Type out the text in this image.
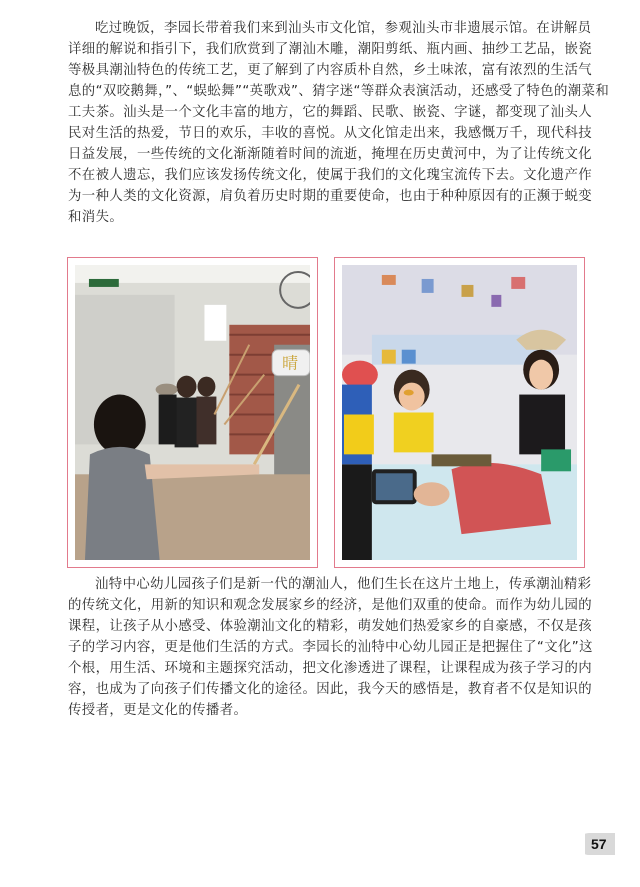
吃过晚饭，李园长带着我们来到汕头市文化馆，参观汕头市非遗展示馆。在讲解员
详细的解说和指引下，我们欣赏到了潮汕木雕，潮阳剪纸、瓶内画、抽纱工艺品，嵌瓷
等极具潮汕特色的传统工艺，更了解到了内容质朴自然，乡土味浓，富有浓烈的生活气
息的“双咬鹅舞，”、“蜈蚣舞”“英歌戏”、猜字迷“等群众表演活动，还感受了特色的潮菜和
工夫茶。汕头是一个文化丰富的地方，它的舞蹈、民歌、嵌瓷、字谜，都变现了汕头人
民对生活的热爱，节日的欢乐，丰收的喜悦。从文化馆走出来，我感慨万千，现代科技
日益发展，一些传统的文化渐渐随着时间的流逝，掩埋在历史黄河中，为了让传统文化
不在被人遗忘，我们应该发扬传统文化，使属于我们的文化瑰宝流传下去。文化遗产作
为一种人类的文化资源，肩负着历史时期的重要使命，也由于种种原因有的正濒于蜕变
和消失。
晴
汕特中心幼儿园孩子们是新一代的潮汕人，他们生长在这片土地上，传承潮汕精彩
的传统文化，用新的知识和观念发展家乡的经济，是他们双重的使命。而作为幼儿园的
课程，让孩子从小感受、体验潮汕文化的精彩，萌发她们热爱家乡的自豪感，不仅是孩
子的学习内容，更是他们生活的方式。李园长的汕特中心幼儿园正是把握住了“文化”这
个根，用生活、环境和主题探究活动，把文化渗透进了课程，让课程成为孩子学习的内
容，也成为了向孩子们传播文化的途径。因此，我今天的感悟是，教育者不仅是知识的
传授者，更是文化的传播者。
57
